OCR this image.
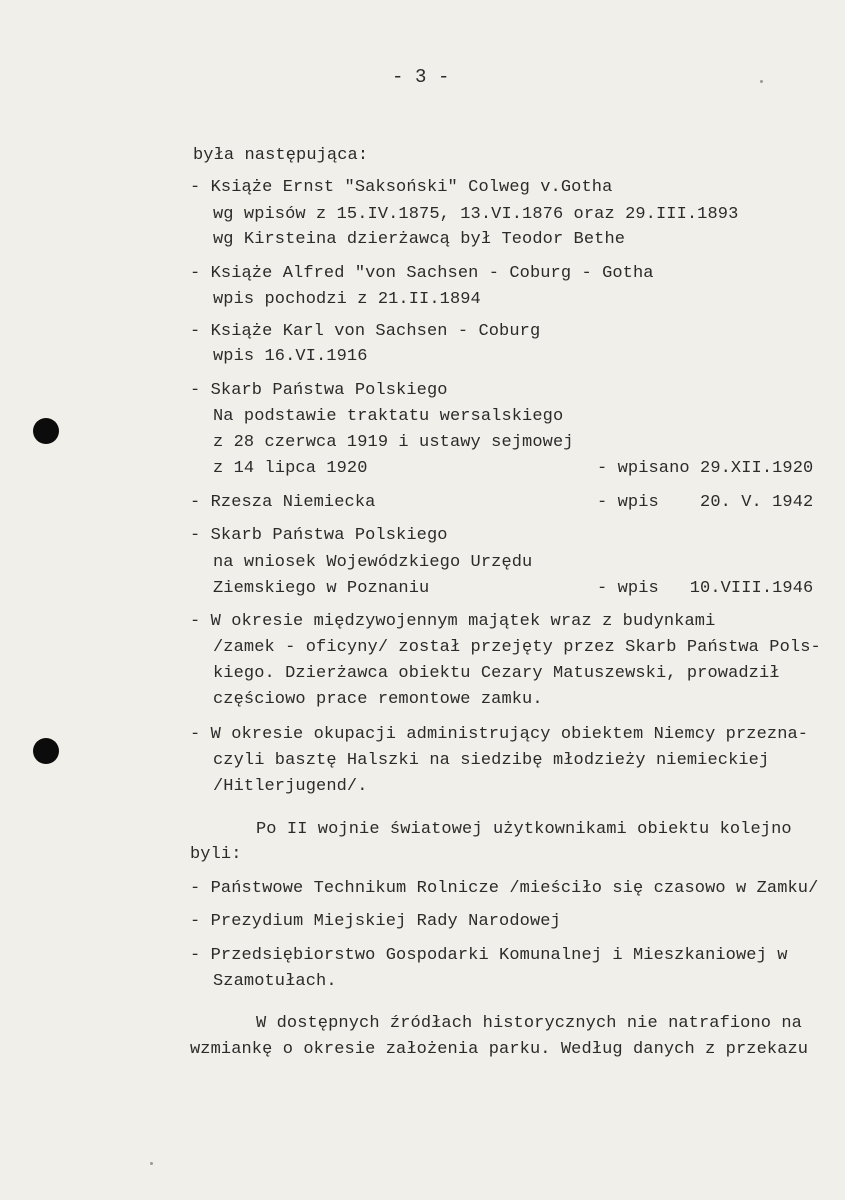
- 3 -
była następująca:
- Książe Ernst "Saksoński" Colweg v.Gotha
wg wpisów z 15.IV.1875, 13.VI.1876 oraz 29.III.1893
wg Kirsteina dzierżawcą był Teodor Bethe
- Książe Alfred "von Sachsen - Coburg - Gotha
wpis pochodzi z 21.II.1894
- Książe Karl von Sachsen - Coburg
wpis 16.VI.1916
- Skarb Państwa Polskiego
Na podstawie traktatu wersalskiego
z 28 czerwca 1919 i ustawy sejmowej
z 14 lipca 1920	- wpisano 29.XII.1920
- Rzesza Niemiecka	- wpis    20. V. 1942
- Skarb Państwa Polskiego
na wniosek Wojewódzkiego Urzędu
Ziemskiego w Poznaniu	- wpis   10.VIII.1946
- W okresie międzywojennym majątek wraz z budynkami
/zamek - oficyny/ został przejęty przez Skarb Państwa Pols-
kiego. Dzierżawca obiektu Cezary Matuszewski, prowadził
częściowo prace remontowe zamku.
- W okresie okupacji administrujący obiektem Niemcy przezna-
czyli basztę Halszki na siedzibę młodzieży niemieckiej
/Hitlerjugend/.
Po II wojnie światowej użytkownikami obiektu kolejno
byli:
- Państwowe Technikum Rolnicze /mieściło się czasowo w Zamku/
- Prezydium Miejskiej Rady Narodowej
- Przedsiębiorstwo Gospodarki Komunalnej i Mieszkaniowej w
Szamotułach.
W dostępnych źródłach historycznych nie natrafiono na
wzmiankę o okresie założenia parku. Według danych z przekazu
